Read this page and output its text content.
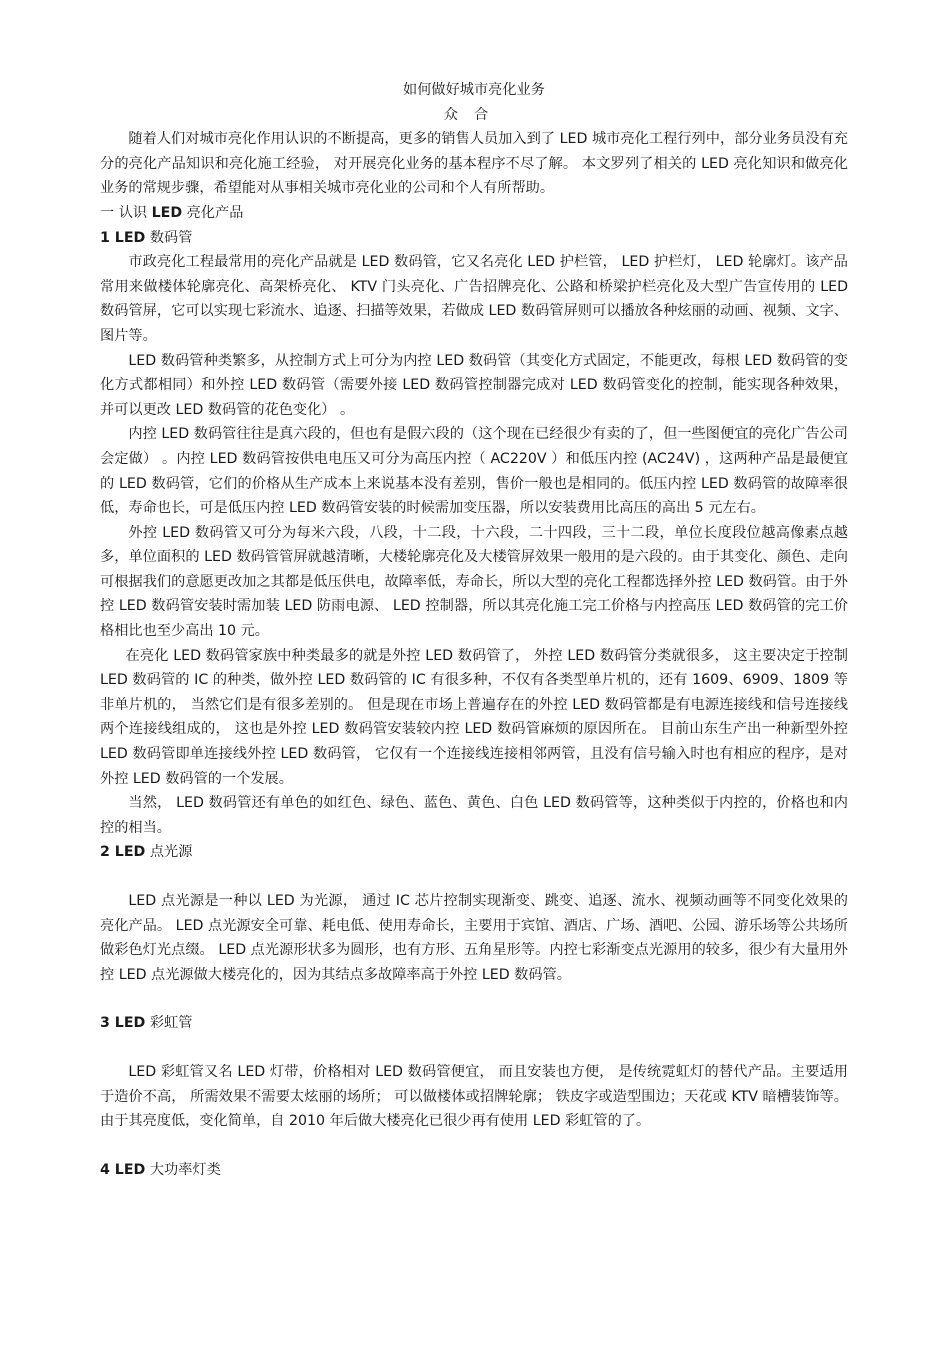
如何做好城市亮化业务

众合

随着人们对城市亮化作用认识的不断提高，更多的销售人员加入到了 LED 城市亮化工程行列中，部分业务员没有充分的亮化产品知识和亮化施工经验， 对开展亮化业务的基本程序不尽了解。 本文罗列了相关的 LED 亮化知识和做亮化业务的常规步骤，希望能对从事相关城市亮化业的公司和个人有所帮助。

一 认识 LED 亮化产品

1 LED 数码管

市政亮化工程最常用的亮化产品就是 LED 数码管，它又名亮化 LED 护栏管， LED 护栏灯， LED 轮廓灯。该产品常用来做楼体轮廓亮化、高架桥亮化、 KTV 门头亮化、广告招牌亮化、公路和桥梁护栏亮化及大型广告宣传用的 LED 数码管屏，它可以实现七彩流水、追逐、扫描等效果，若做成 LED 数码管屏则可以播放各种炫丽的动画、视频、文字、图片等。

LED 数码管种类繁多，从控制方式上可分为内控 LED 数码管（其变化方式固定，不能更改，每根 LED 数码管的变化方式都相同）和外控 LED 数码管（需要外接 LED 数码管控制器完成对 LED 数码管变化的控制，能实现各种效果，并可以更改 LED 数码管的花色变化） 。

内控 LED 数码管往往是真六段的，但也有是假六段的（这个现在已经很少有卖的了，但一些图便宜的亮化广告公司会定做） 。内控 LED 数码管按供电电压又可分为高压内控（ AC220V ）和低压内控 (AC24V) ，这两种产品是最便宜的 LED 数码管，它们的价格从生产成本上来说基本没有差别，售价一般也是相同的。低压内控 LED 数码管的故障率很低，寿命也长，可是低压内控 LED 数码管安装的时候需加变压器，所以安装费用比高压的高出 5 元左右。

外控 LED 数码管又可分为每米六段，八段，十二段，十六段，二十四段，三十二段，单位长度段位越高像素点越多，单位面积的 LED 数码管管屏就越清晰，大楼轮廓亮化及大楼管屏效果一般用的是六段的。由于其变化、颜色、走向可根据我们的意愿更改加之其都是低压供电，故障率低，寿命长，所以大型的亮化工程都选择外控 LED 数码管。由于外控 LED 数码管安装时需加装 LED 防雨电源、 LED 控制器，所以其亮化施工完工价格与内控高压 LED 数码管的完工价格相比也至少高出 10 元。

在亮化 LED 数码管家族中种类最多的就是外控 LED 数码管了， 外控 LED 数码管分类就很多， 这主要决定于控制 LED 数码管的 IC 的种类，做外控 LED 数码管的 IC 有很多种，不仅有各类型单片机的，还有 1609、6909、1809 等非单片机的， 当然它们是有很多差别的。 但是现在市场上普遍存在的外控 LED 数码管都是有电源连接线和信号连接线两个连接线组成的， 这也是外控 LED 数码管安装较内控 LED 数码管麻烦的原因所在。 目前山东生产出一种新型外控 LED 数码管即单连接线外控 LED 数码管， 它仅有一个连接线连接相邻两管，且没有信号输入时也有相应的程序，是对外控 LED 数码管的一个发展。

当然， LED 数码管还有单色的如红色、绿色、蓝色、黄色、白色 LED 数码管等，这种类似于内控的，价格也和内控的相当。

2 LED 点光源

LED 点光源是一种以 LED 为光源， 通过 IC 芯片控制实现渐变、跳变、追逐、流水、视频动画等不同变化效果的亮化产品。 LED 点光源安全可靠、耗电低、使用寿命长，主要用于宾馆、酒店、广场、酒吧、公园、游乐场等公共场所做彩色灯光点缀。 LED 点光源形状多为圆形，也有方形、五角星形等。内控七彩渐变点光源用的较多，很少有大量用外控 LED 点光源做大楼亮化的，因为其结点多故障率高于外控 LED 数码管。

3 LED 彩虹管

LED 彩虹管又名 LED 灯带，价格相对 LED 数码管便宜， 而且安装也方便， 是传统霓虹灯的替代产品。主要适用于造价不高， 所需效果不需要太炫丽的场所； 可以做楼体或招牌轮廓； 铁皮字或造型围边；天花或 KTV 暗槽装饰等。由于其亮度低，变化简单，自 2010 年后做大楼亮化已很少再有使用 LED 彩虹管的了。

4 LED 大功率灯类
